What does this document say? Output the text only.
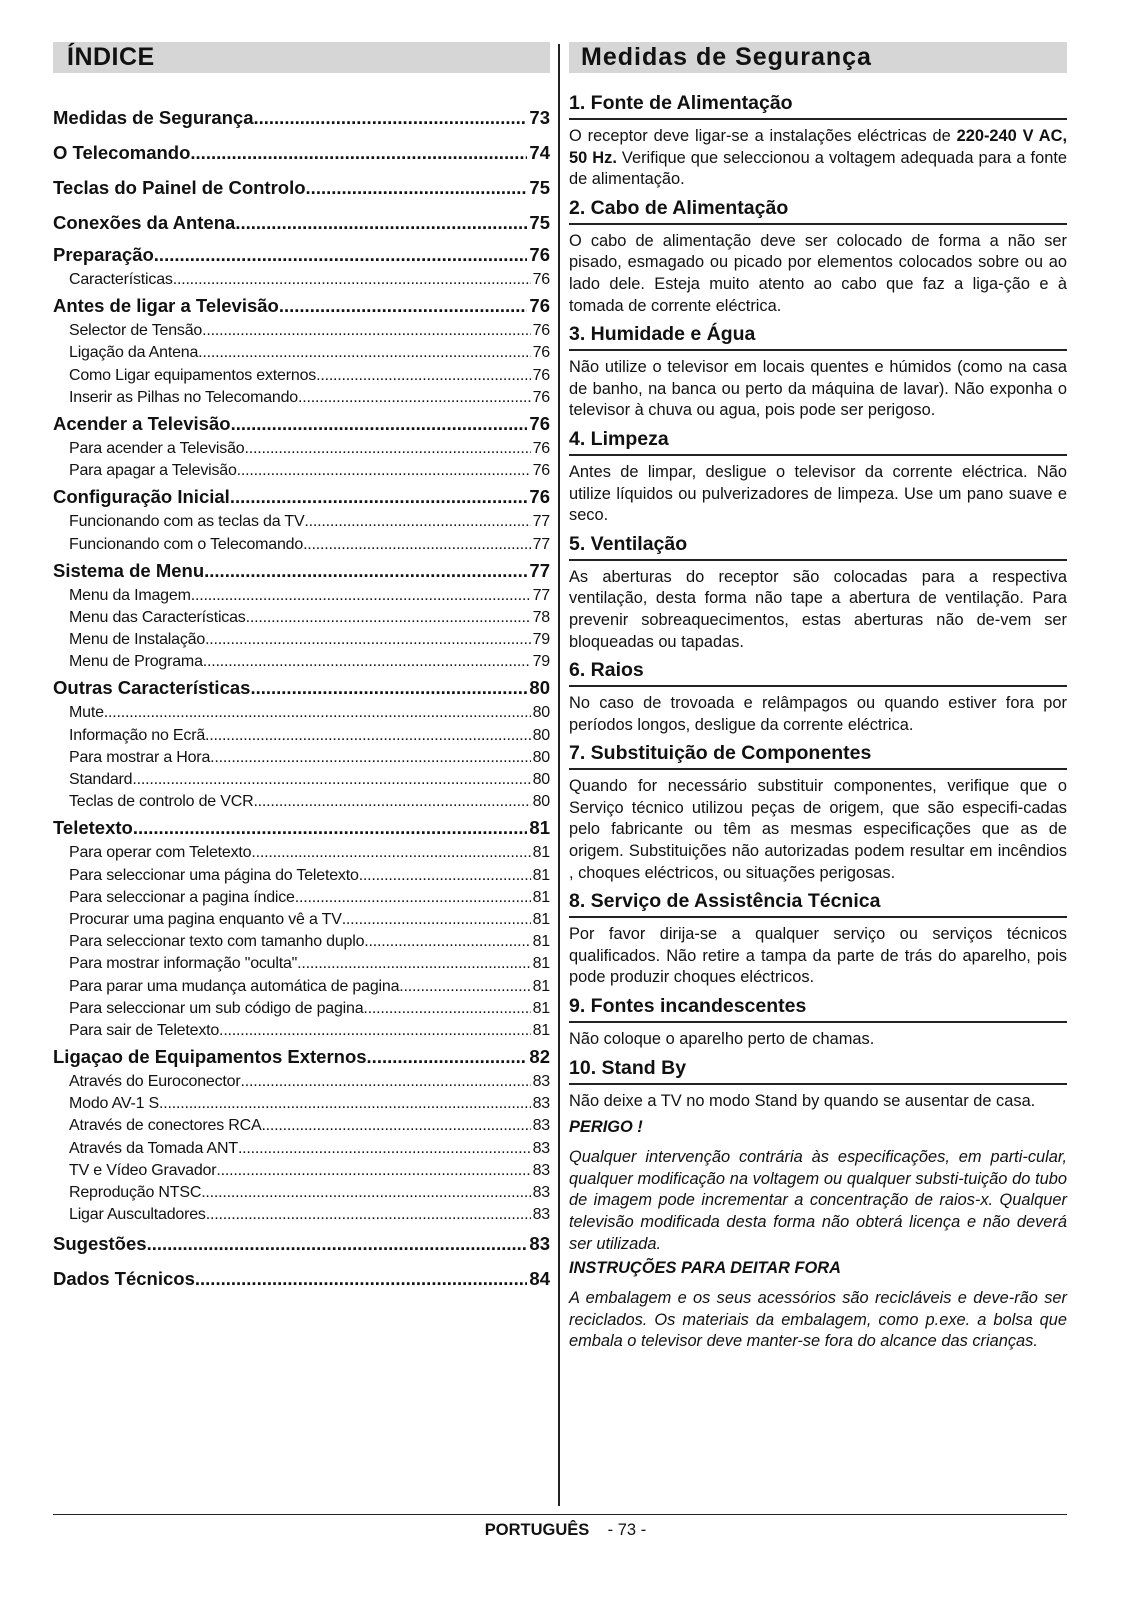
ÍNDICE
Medidas de Segurança .....	73
O Telecomando .....	74
Teclas do Painel de Controlo .....	75
Conexões da Antena .....	75
Preparação .....	76
Características .....	76
Antes de ligar a Televisão .....	76
Selector de Tensão .....	76
Ligação da Antena .....	76
Como Ligar equipamentos externos .....	76
Inserir as Pilhas no Telecomando .....	76
Acender a Televisão .....	76
Para acender a Televisão .....	76
Para apagar a Televisão .....	76
Configuração Inicial .....	76
Funcionando com as teclas da TV .....	77
Funcionando com o Telecomando .....	77
Sistema de Menu .....	77
Menu da Imagem .....	77
Menu das Características .....	78
Menu de Instalação .....	79
Menu de Programa .....	79
Outras Características .....	80
Mute .....	80
Informação no Ecrã .....	80
Para mostrar a Hora .....	80
Standard .....	80
Teclas de controlo de VCR .....	80
Teletexto .....	81
Para operar com Teletexto .....	81
Para seleccionar uma página do Teletexto .....	81
Para seleccionar a pagina índice .....	81
Procurar uma pagina enquanto vê a TV .....	81
Para seleccionar texto com tamanho duplo. .....	81
Para mostrar informação "oculta" .....	81
Para parar uma mudança automática de pagina .....	81
Para seleccionar um sub código de pagina. .....	81
Para sair de Teletexto. .....	81
Ligaçao de Equipamentos Externos .....	82
Através do Euroconector .....	83
Modo AV-1 S .....	83
Através de conectores RCA .....	83
Através da Tomada ANT .....	83
TV e Vídeo Gravador .....	83
Reprodução NTSC .....	83
Ligar Auscultadores .....	83
Sugestões .....	83
Dados Técnicos .....	84
Medidas de Segurança
1. Fonte de Alimentação
O receptor deve ligar-se a instalações eléctricas de 220-240 V AC, 50 Hz. Verifique que seleccionou a voltagem adequada para a fonte de alimentação.
2. Cabo de Alimentação
O cabo de alimentação deve ser colocado de forma a não ser pisado, esmagado ou picado por elementos colocados sobre ou ao lado dele. Esteja muito atento ao cabo que faz a liga-ção e à tomada de corrente eléctrica.
3. Humidade e Água
Não utilize o televisor em locais quentes e húmidos (como na casa de banho, na banca ou perto da máquina de lavar). Não exponha o televisor à chuva ou agua, pois pode ser perigoso.
4. Limpeza
Antes de limpar, desligue o televisor da corrente eléctrica. Não utilize líquidos ou pulverizadores de limpeza. Use um pano suave e seco.
5. Ventilação
As aberturas do receptor são colocadas para a respectiva ventilação, desta forma não tape a abertura de ventilação. Para prevenir sobreaquecimentos, estas aberturas não de-vem ser bloqueadas ou tapadas.
6. Raios
No caso de trovoada e relâmpagos ou quando estiver fora por períodos longos, desligue da corrente eléctrica.
7. Substituição de Componentes
Quando for necessário substituir componentes, verifique que o Serviço técnico utilizou peças de origem, que são especifi-cadas pelo fabricante ou têm as mesmas especificações que as de origem. Substituições não autorizadas podem resultar em incêndios , choques eléctricos, ou situações perigosas.
8. Serviço de Assistência Técnica
Por favor dirija-se a qualquer serviço ou serviços técnicos qualificados. Não retire a tampa da parte de trás do aparelho, pois pode produzir choques eléctricos.
9. Fontes incandescentes
Não coloque o aparelho perto de chamas.
10. Stand By
Não deixe a TV no modo Stand by quando se ausentar de casa.
PERIGO !
Qualquer intervenção contrária às especificações, em parti-cular, qualquer modificação na voltagem ou qualquer substi-tuição do tubo de imagem pode incrementar a concentração de raios-x. Qualquer televisão modificada desta forma não obterá licença e não deverá ser utilizada.
INSTRUÇÕES PARA DEITAR FORA
A embalagem e os seus acessórios são recicláveis e deve-rão ser reciclados. Os materiais da embalagem, como p.exe. a bolsa que embala o televisor deve manter-se fora do alcance das crianças.
PORTUGUÊS - 73 -
